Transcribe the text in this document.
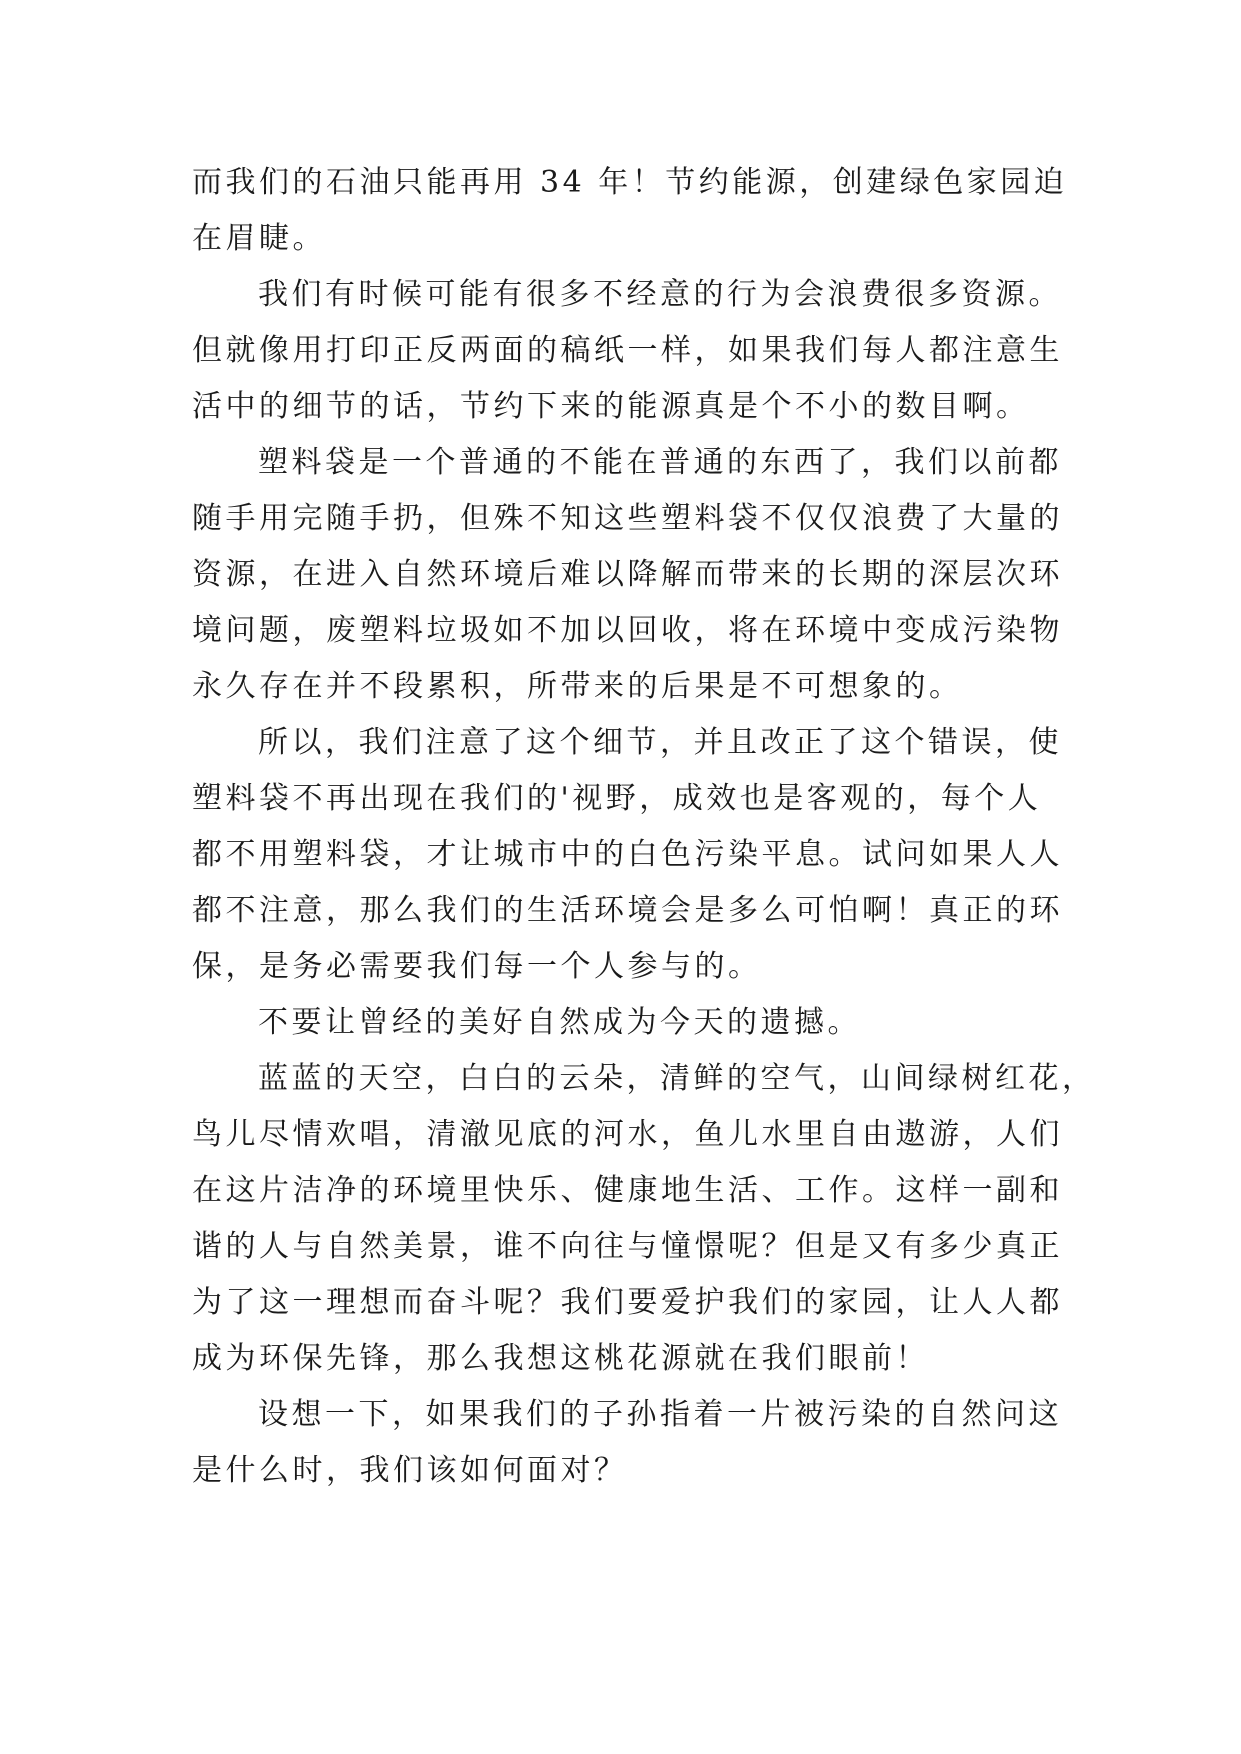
而我们的石油只能再用 34 年！节约能源，创建绿色家园迫
在眉睫。
我们有时候可能有很多不经意的行为会浪费很多资源。
但就像用打印正反两面的稿纸一样，如果我们每人都注意生
活中的细节的话，节约下来的能源真是个不小的数目啊。
塑料袋是一个普通的不能在普通的东西了，我们以前都
随手用完随手扔，但殊不知这些塑料袋不仅仅浪费了大量的
资源，在进入自然环境后难以降解而带来的长期的深层次环
境问题，废塑料垃圾如不加以回收，将在环境中变成污染物
永久存在并不段累积，所带来的后果是不可想象的。
所以，我们注意了这个细节，并且改正了这个错误，使
塑料袋不再出现在我们的'视野，成效也是客观的，每个人
都不用塑料袋，才让城市中的白色污染平息。试问如果人人
都不注意，那么我们的生活环境会是多么可怕啊！真正的环
保，是务必需要我们每一个人参与的。
不要让曾经的美好自然成为今天的遗撼。
蓝蓝的天空，白白的云朵，清鲜的空气，山间绿树红花，
鸟儿尽情欢唱，清澈见底的河水，鱼儿水里自由遨游，人们
在这片洁净的环境里快乐、健康地生活、工作。这样一副和
谐的人与自然美景，谁不向往与憧憬呢？但是又有多少真正
为了这一理想而奋斗呢？我们要爱护我们的家园，让人人都
成为环保先锋，那么我想这桃花源就在我们眼前！
设想一下，如果我们的子孙指着一片被污染的自然问这
是什么时，我们该如何面对？
